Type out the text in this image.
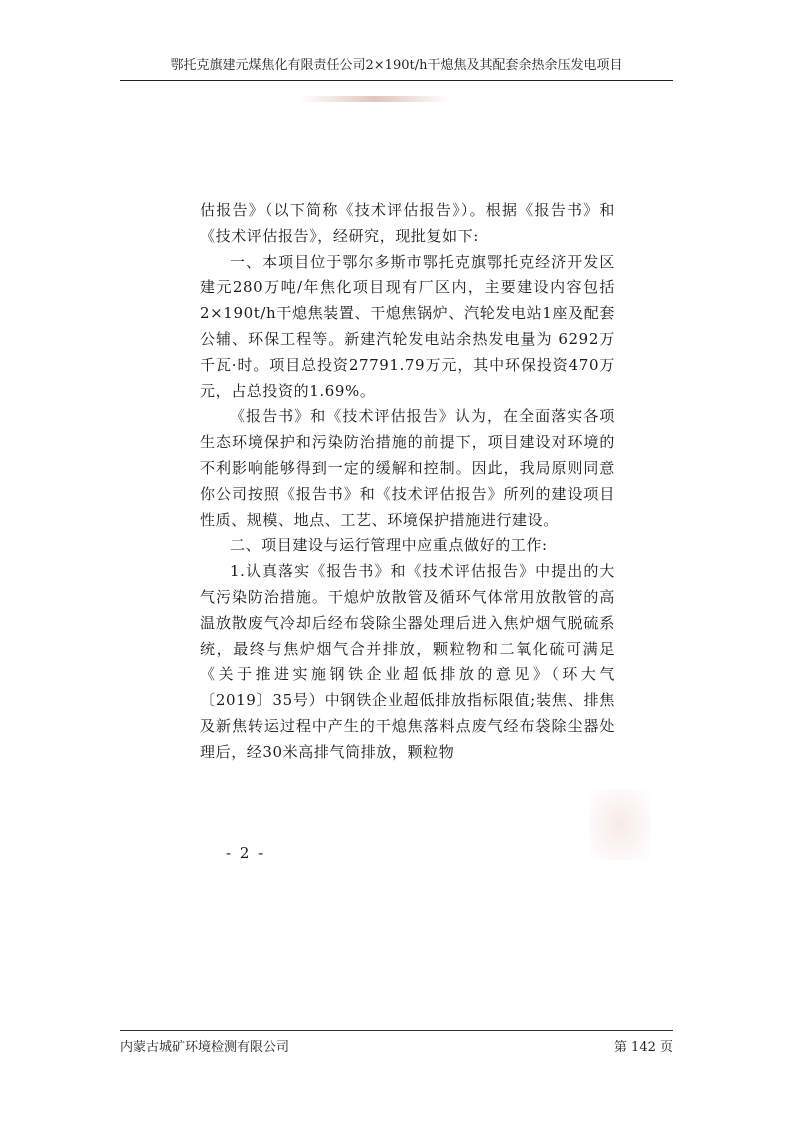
鄂托克旗建元煤焦化有限责任公司2×190t/h干熄焦及其配套余热余压发电项目

估报告》（以下简称《技术评估报告》）。根据《报告书》和《技术评估报告》，经研究，现批复如下:

一、本项目位于鄂尔多斯市鄂托克旗鄂托克经济开发区建元280万吨/年焦化项目现有厂区内，主要建设内容包括2×190t/h干熄焦装置、干熄焦锅炉、汽轮发电站1座及配套公辅、环保工程等。新建汽轮发电站余热发电量为 6292万千瓦·时。项目总投资27791.79万元，其中环保投资470万元，占总投资的1.69%。

《报告书》和《技术评估报告》认为，在全面落实各项生态环境保护和污染防治措施的前提下，项目建设对环境的不利影响能够得到一定的缓解和控制。因此，我局原则同意你公司按照《报告书》和《技术评估报告》所列的建设项目性质、规模、地点、工艺、环境保护措施进行建设。

二、项目建设与运行管理中应重点做好的工作:

1.认真落实《报告书》和《技术评估报告》中提出的大气污染防治措施。干熄炉放散管及循环气体常用放散管的高温放散废气冷却后经布袋除尘器处理后进入焦炉烟气脱硫系统，最终与焦炉烟气合并排放，颗粒物和二氧化硫可满足《关于推进实施钢铁企业超低排放的意见》（环大气〔2019〕35号）中钢铁企业超低排放指标限值;装焦、排焦及新焦转运过程中产生的干熄焦落料点废气经布袋除尘器处理后，经30米高排气筒排放，颗粒物

- 2 -
内蒙古城矿环境检测有限公司	第 142 页
